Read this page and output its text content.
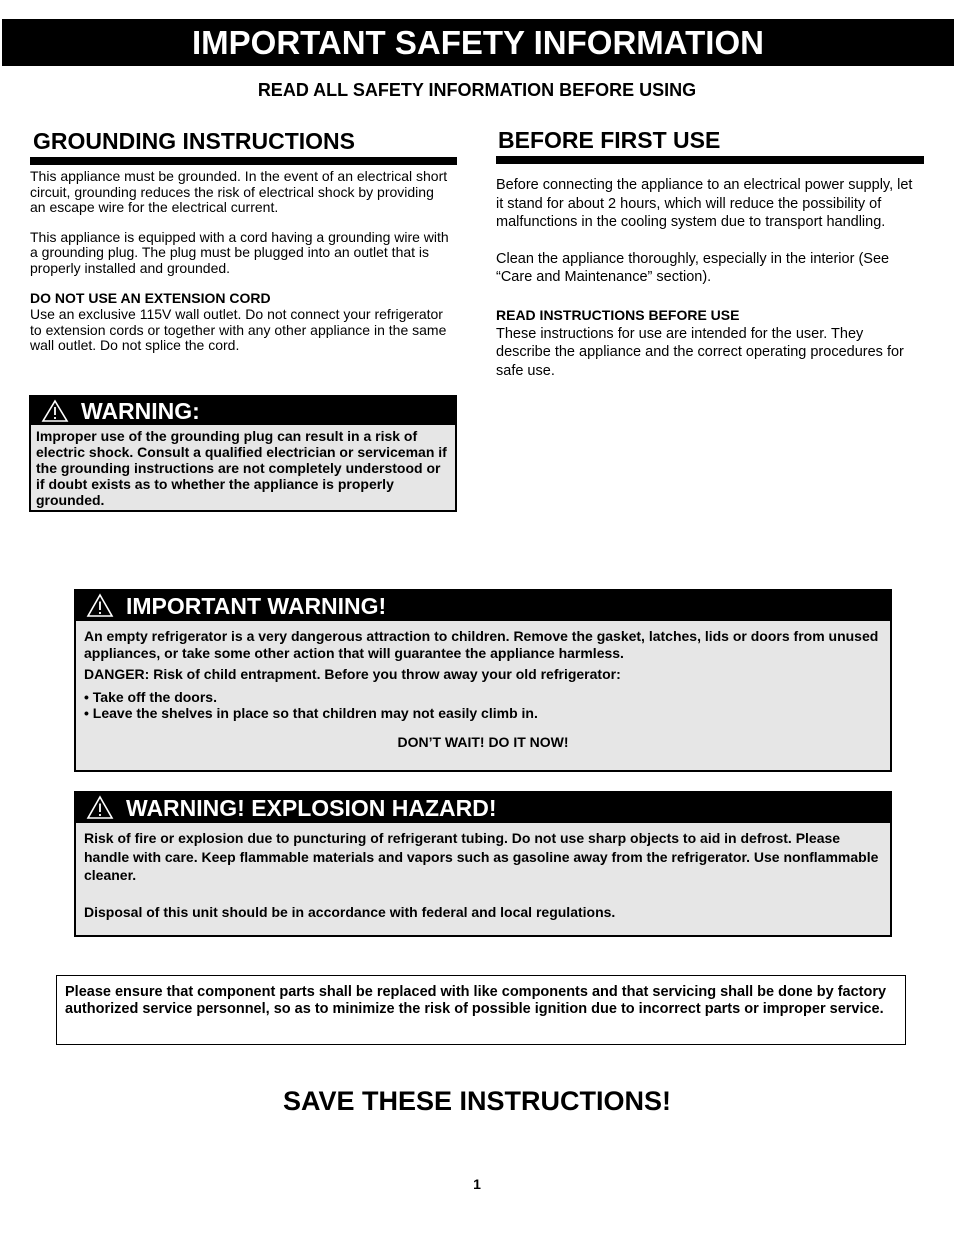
IMPORTANT SAFETY INFORMATION
READ ALL SAFETY INFORMATION BEFORE USING
GROUNDING INSTRUCTIONS

This appliance must be grounded. In the event of an electrical short circuit, grounding reduces the risk of electrical shock by providing an escape wire for the electrical current.

This appliance is equipped with a cord having a grounding wire with a grounding plug. The plug must be plugged into an outlet that is properly installed and grounded.

DO NOT USE AN EXTENSION CORD

Use an exclusive 115V wall outlet. Do not connect your refrigerator to extension cords or together with any other appliance in the same wall outlet. Do not splice the cord.

WARNING:

Improper use of the grounding plug can result in a risk of electric shock. Consult a qualified electrician or serviceman if the grounding instructions are not completely understood or if doubt exists as to whether the appliance is properly grounded.

BEFORE FIRST USE

Before connecting the appliance to an electrical power supply, let it stand for about 2 hours, which will reduce the possibility of malfunctions in the cooling system due to transport handling.

Clean the appliance thoroughly, especially in the interior (See “Care and Maintenance” section).

READ INSTRUCTIONS BEFORE USE

These instructions for use are intended for the user. They describe the appliance and the correct operating procedures for safe use.

IMPORTANT WARNING!

An empty refrigerator is a very dangerous attraction to children. Remove the gasket, latches, lids or doors from unused appliances, or take some other action that will guarantee the appliance harmless.

DANGER: Risk of child entrapment. Before you throw away your old refrigerator:

• Take off the doors.
• Leave the shelves in place so that children may not easily climb in.

DON’T WAIT! DO IT NOW!

WARNING! EXPLOSION HAZARD!

Risk of fire or explosion due to puncturing of refrigerant tubing. Do not use sharp objects to aid in defrost. Please handle with care. Keep flammable materials and vapors such as gasoline away from the refrigerator. Use nonflammable cleaner.

Disposal of this unit should be in accordance with federal and local regulations.

Please ensure that component parts shall be replaced with like components and that servicing shall be done by factory authorized service personnel, so as to minimize the risk of possible ignition due to incorrect parts or improper service.

SAVE THESE INSTRUCTIONS!
1
